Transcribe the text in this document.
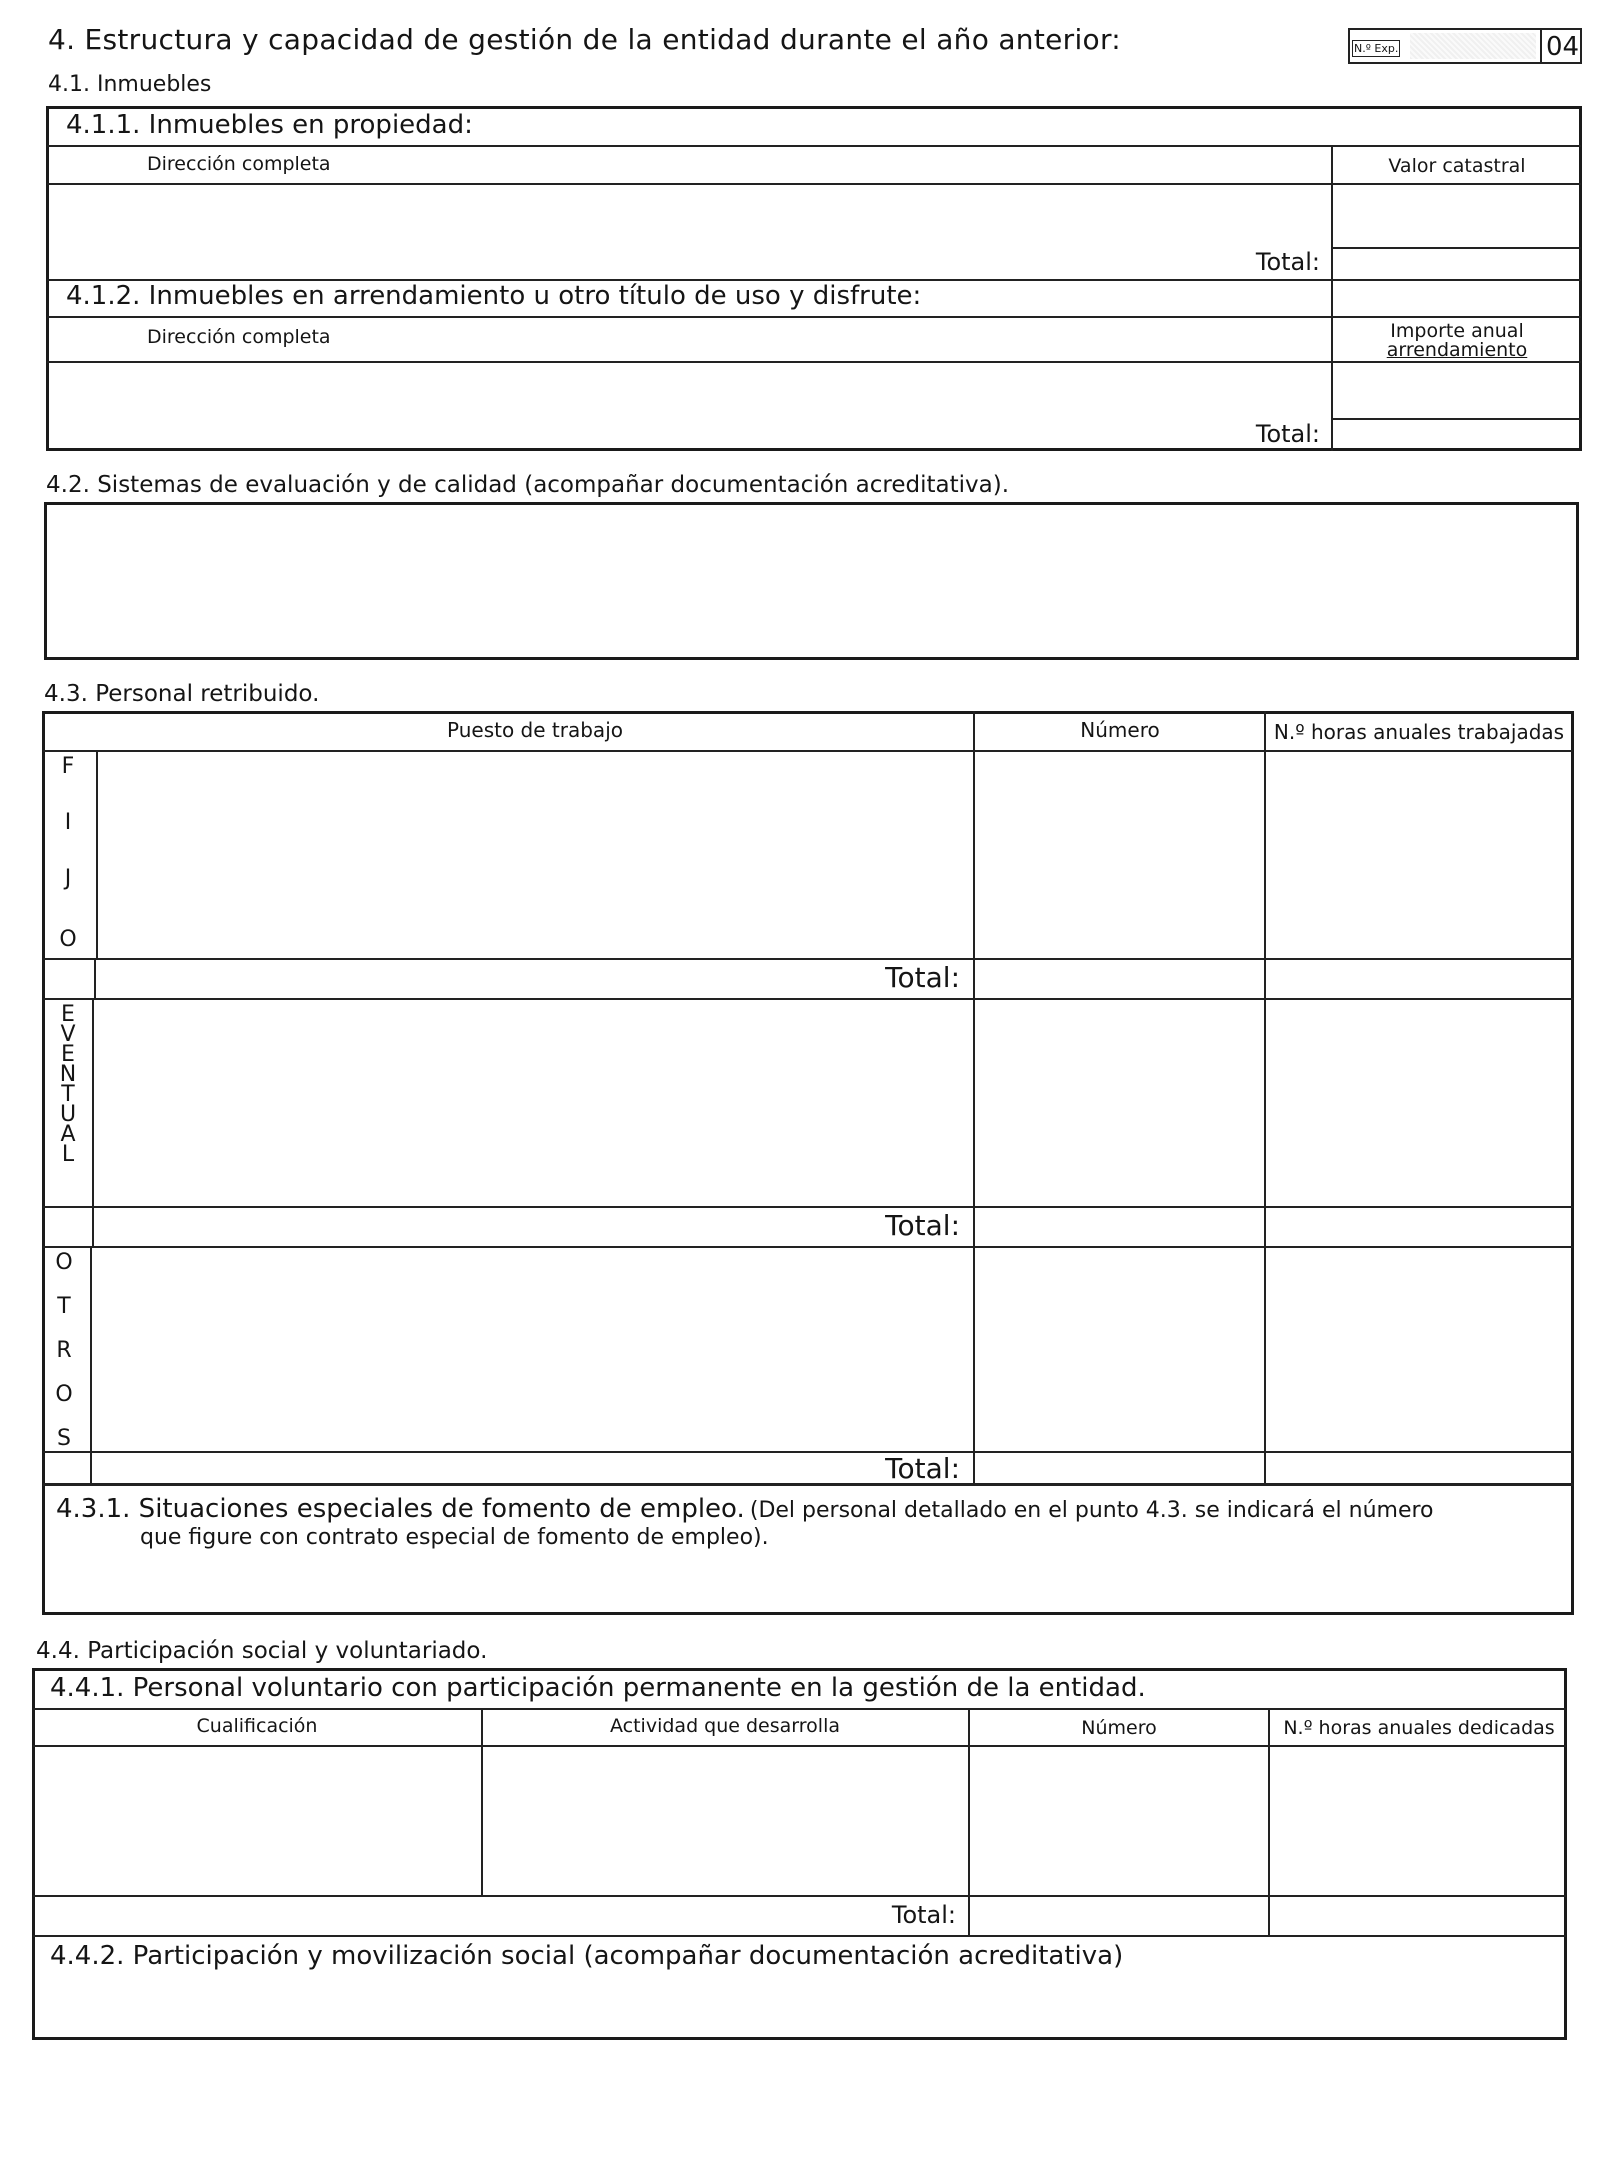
4. Estructura y capacidad de gestión de la entidad durante el año anterior:	N.º Exp.	04
4.1. Inmuebles
4.1.1. Inmuebles en propiedad:
Dirección completa	Valor catastral
Total:
4.1.2. Inmuebles en arrendamiento u otro título de uso y disfrute:
Dirección completa	Importe anual
arrendamiento
Total:
4.2. Sistemas de evaluación y de calidad (acompañar documentación acreditativa).
4.3. Personal retribuido.
Puesto de trabajo	Número	N.º horas anuales trabajadas
F
I
J
O
Total:
E
V
E
N
T
U
A
L
Total:
O
T
R
O
S
Total:
4.3.1. Situaciones especiales de fomento de empleo. (Del personal detallado en el punto 4.3. se indicará el número
que figure con contrato especial de fomento de empleo).
4.4. Participación social y voluntariado.
4.4.1. Personal voluntario con participación permanente en la gestión de la entidad.
Cualificación	Actividad que desarrolla	Número	N.º horas anuales dedicadas
Total:
4.4.2. Participación y movilización social (acompañar documentación acreditativa)
